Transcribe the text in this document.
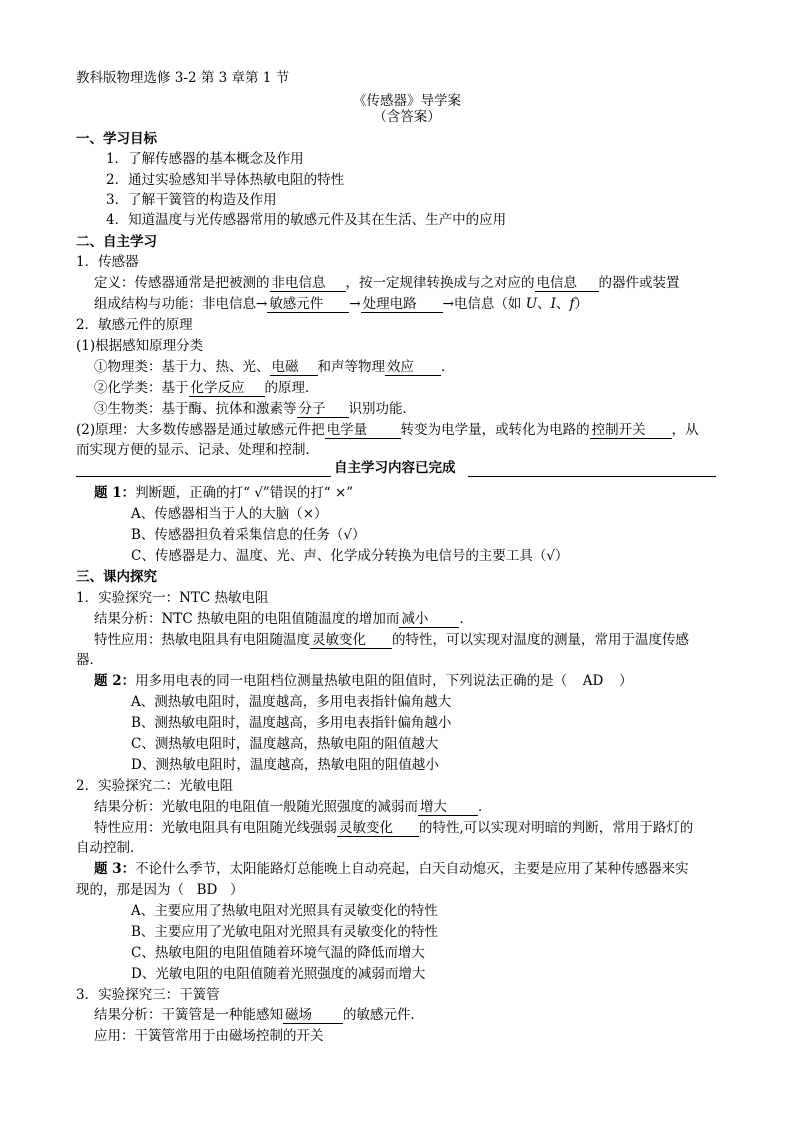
教科版物理选修 3-2 第 3 章第 1 节
《传感器》导学案
（含答案）
一、学习目标
1．了解传感器的基本概念及作用
2．通过实验感知半导体热敏电阻的特性
3．了解干簧管的构造及作用
4．知道温度与光传感器常用的敏感元件及其在生活、生产中的应用
二、自主学习
1．传感器
定义：传感器通常是把被测的 非电信息 ，按一定规律转换成与之对应的 电信息 的器件或装置
组成结构与功能：非电信息→ 敏感元件 → 处理电路 →电信息（如 U、I、f）
2．敏感元件的原理
(1)根据感知原理分类
①物理类：基于力、热、光、 电磁 和声等物理 效应 ．
②化学类：基于 化学反应 的原理．
③生物类：基于酶、抗体和激素等 分子 识别功能．
(2)原理：大多数传感器是通过敏感元件把 电学量 转变为电学量，或转化为电路的 控制开关 ，从
而实现方便的显示、记录、处理和控制．
自主学习内容已完成
题 1：判断题，正确的打“ √”错误的打“ ×”
A、传感器相当于人的大脑（×）
B、传感器担负着采集信息的任务（√）
C、传感器是力、温度、光、声、化学成分转换为电信号的主要工具（√）
三、课内探究
1．实验探究一：NTC 热敏电阻
结果分析：NTC 热敏电阻的电阻值随温度的增加而 减小 ．
特性应用：热敏电阻具有电阻随温度 灵敏变化 的特性，可以实现对温度的测量，常用于温度传感
器．
题 2：用多用电表的同一电阻档位测量热敏电阻的阻值时，下列说法正确的是（ AD ）
A、测热敏电阻时，温度越高，多用电表指针偏角越大
B、测热敏电阻时，温度越高，多用电表指针偏角越小
C、测热敏电阻时，温度越高，热敏电阻的阻值越大
D、测热敏电阻时，温度越高，热敏电阻的阻值越小
2．实验探究二：光敏电阻
结果分析：光敏电阻的电阻值一般随光照强度的减弱而 增大 ．
特性应用：光敏电阻具有电阻随光线强弱 灵敏变化 的特性,可以实现对明暗的判断，常用于路灯的
自动控制．
题 3：不论什么季节，太阳能路灯总能晚上自动亮起，白天自动熄灭，主要是应用了某种传感器来实
现的，那是因为（ BD ）
A、主要应用了热敏电阻对光照具有灵敏变化的特性
B、主要应用了光敏电阻对光照具有灵敏变化的特性
C、热敏电阻的电阻值随着环境气温的降低而增大
D、光敏电阻的电阻值随着光照强度的减弱而增大
3．实验探究三：干簧管
结果分析：干簧管是一种能感知 磁场 的敏感元件．
应用：干簧管常用于由磁场控制的开关
